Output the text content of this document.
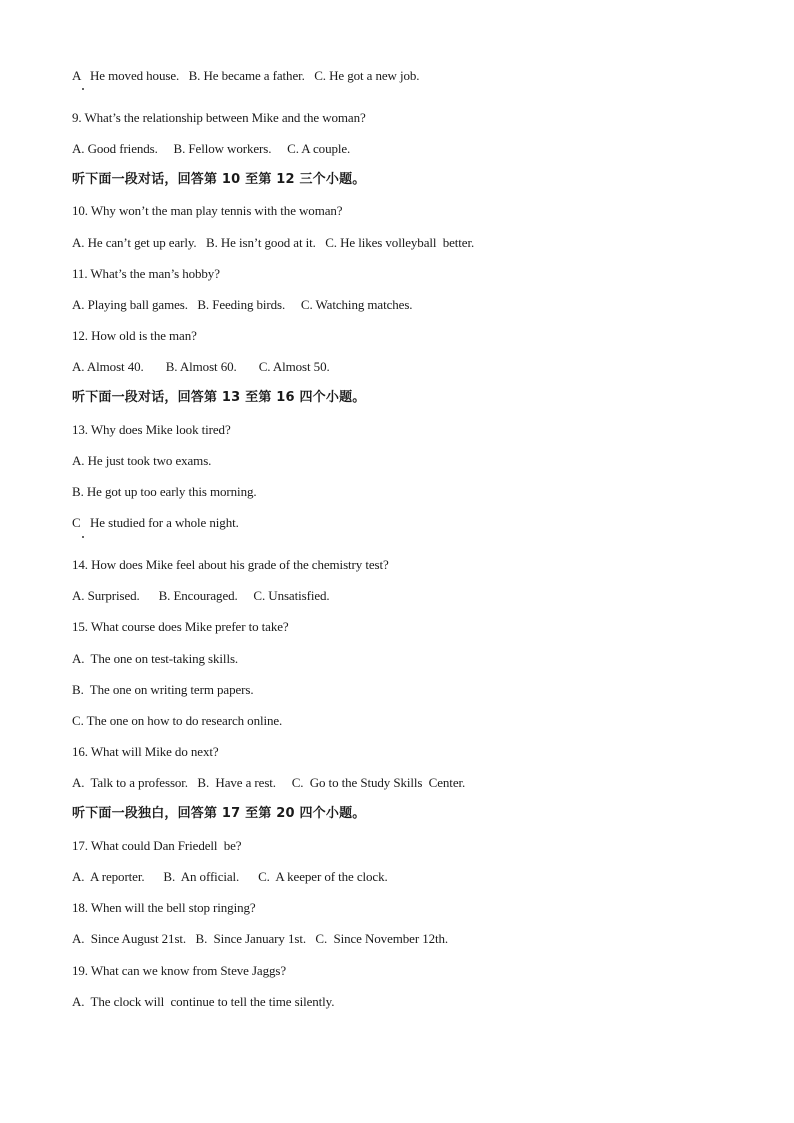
A   He moved house.   B. He became a father.   C. He got a new job.
9. What’s the relationship between Mike and the woman?
A. Good friends.     B. Fellow workers.     C. A couple.
听下面一段对话，回答第 10 至第 12 三个小题。
10. Why won’t the man play tennis with the woman?
A. He can’t get up early.   B. He isn’t good at it.   C. He likes volleyball  better.
11. What’s the man’s hobby?
A. Playing ball games.   B. Feeding birds.     C. Watching matches.
12. How old is the man?
A. Almost 40.       B. Almost 60.       C. Almost 50.
听下面一段对话，回答第 13 至第 16 四个小题。
13. Why does Mike look tired?
A. He just took two exams.
B. He got up too early this morning.
C   He studied for a whole night.
14. How does Mike feel about his grade of the chemistry test?
A. Surprised.      B. Encouraged.     C. Unsatisfied.
15. What course does Mike prefer to take?
A.  The one on test-taking skills.
B.  The one on writing term papers.
C. The one on how to do research online.
16. What will Mike do next?
A.  Talk to a professor.   B.  Have a rest.     C.  Go to the Study Skills  Center.
听下面一段独白，回答第 17 至第 20 四个小题。
17. What could Dan Friedell  be?
A.  A reporter.      B.  An official.      C.  A keeper of the clock.
18. When will the bell stop ringing?
A.  Since August 21st.   B.  Since January 1st.   C.  Since November 12th.
19. What can we know from Steve Jaggs?
A.  The clock will  continue to tell the time silently.
